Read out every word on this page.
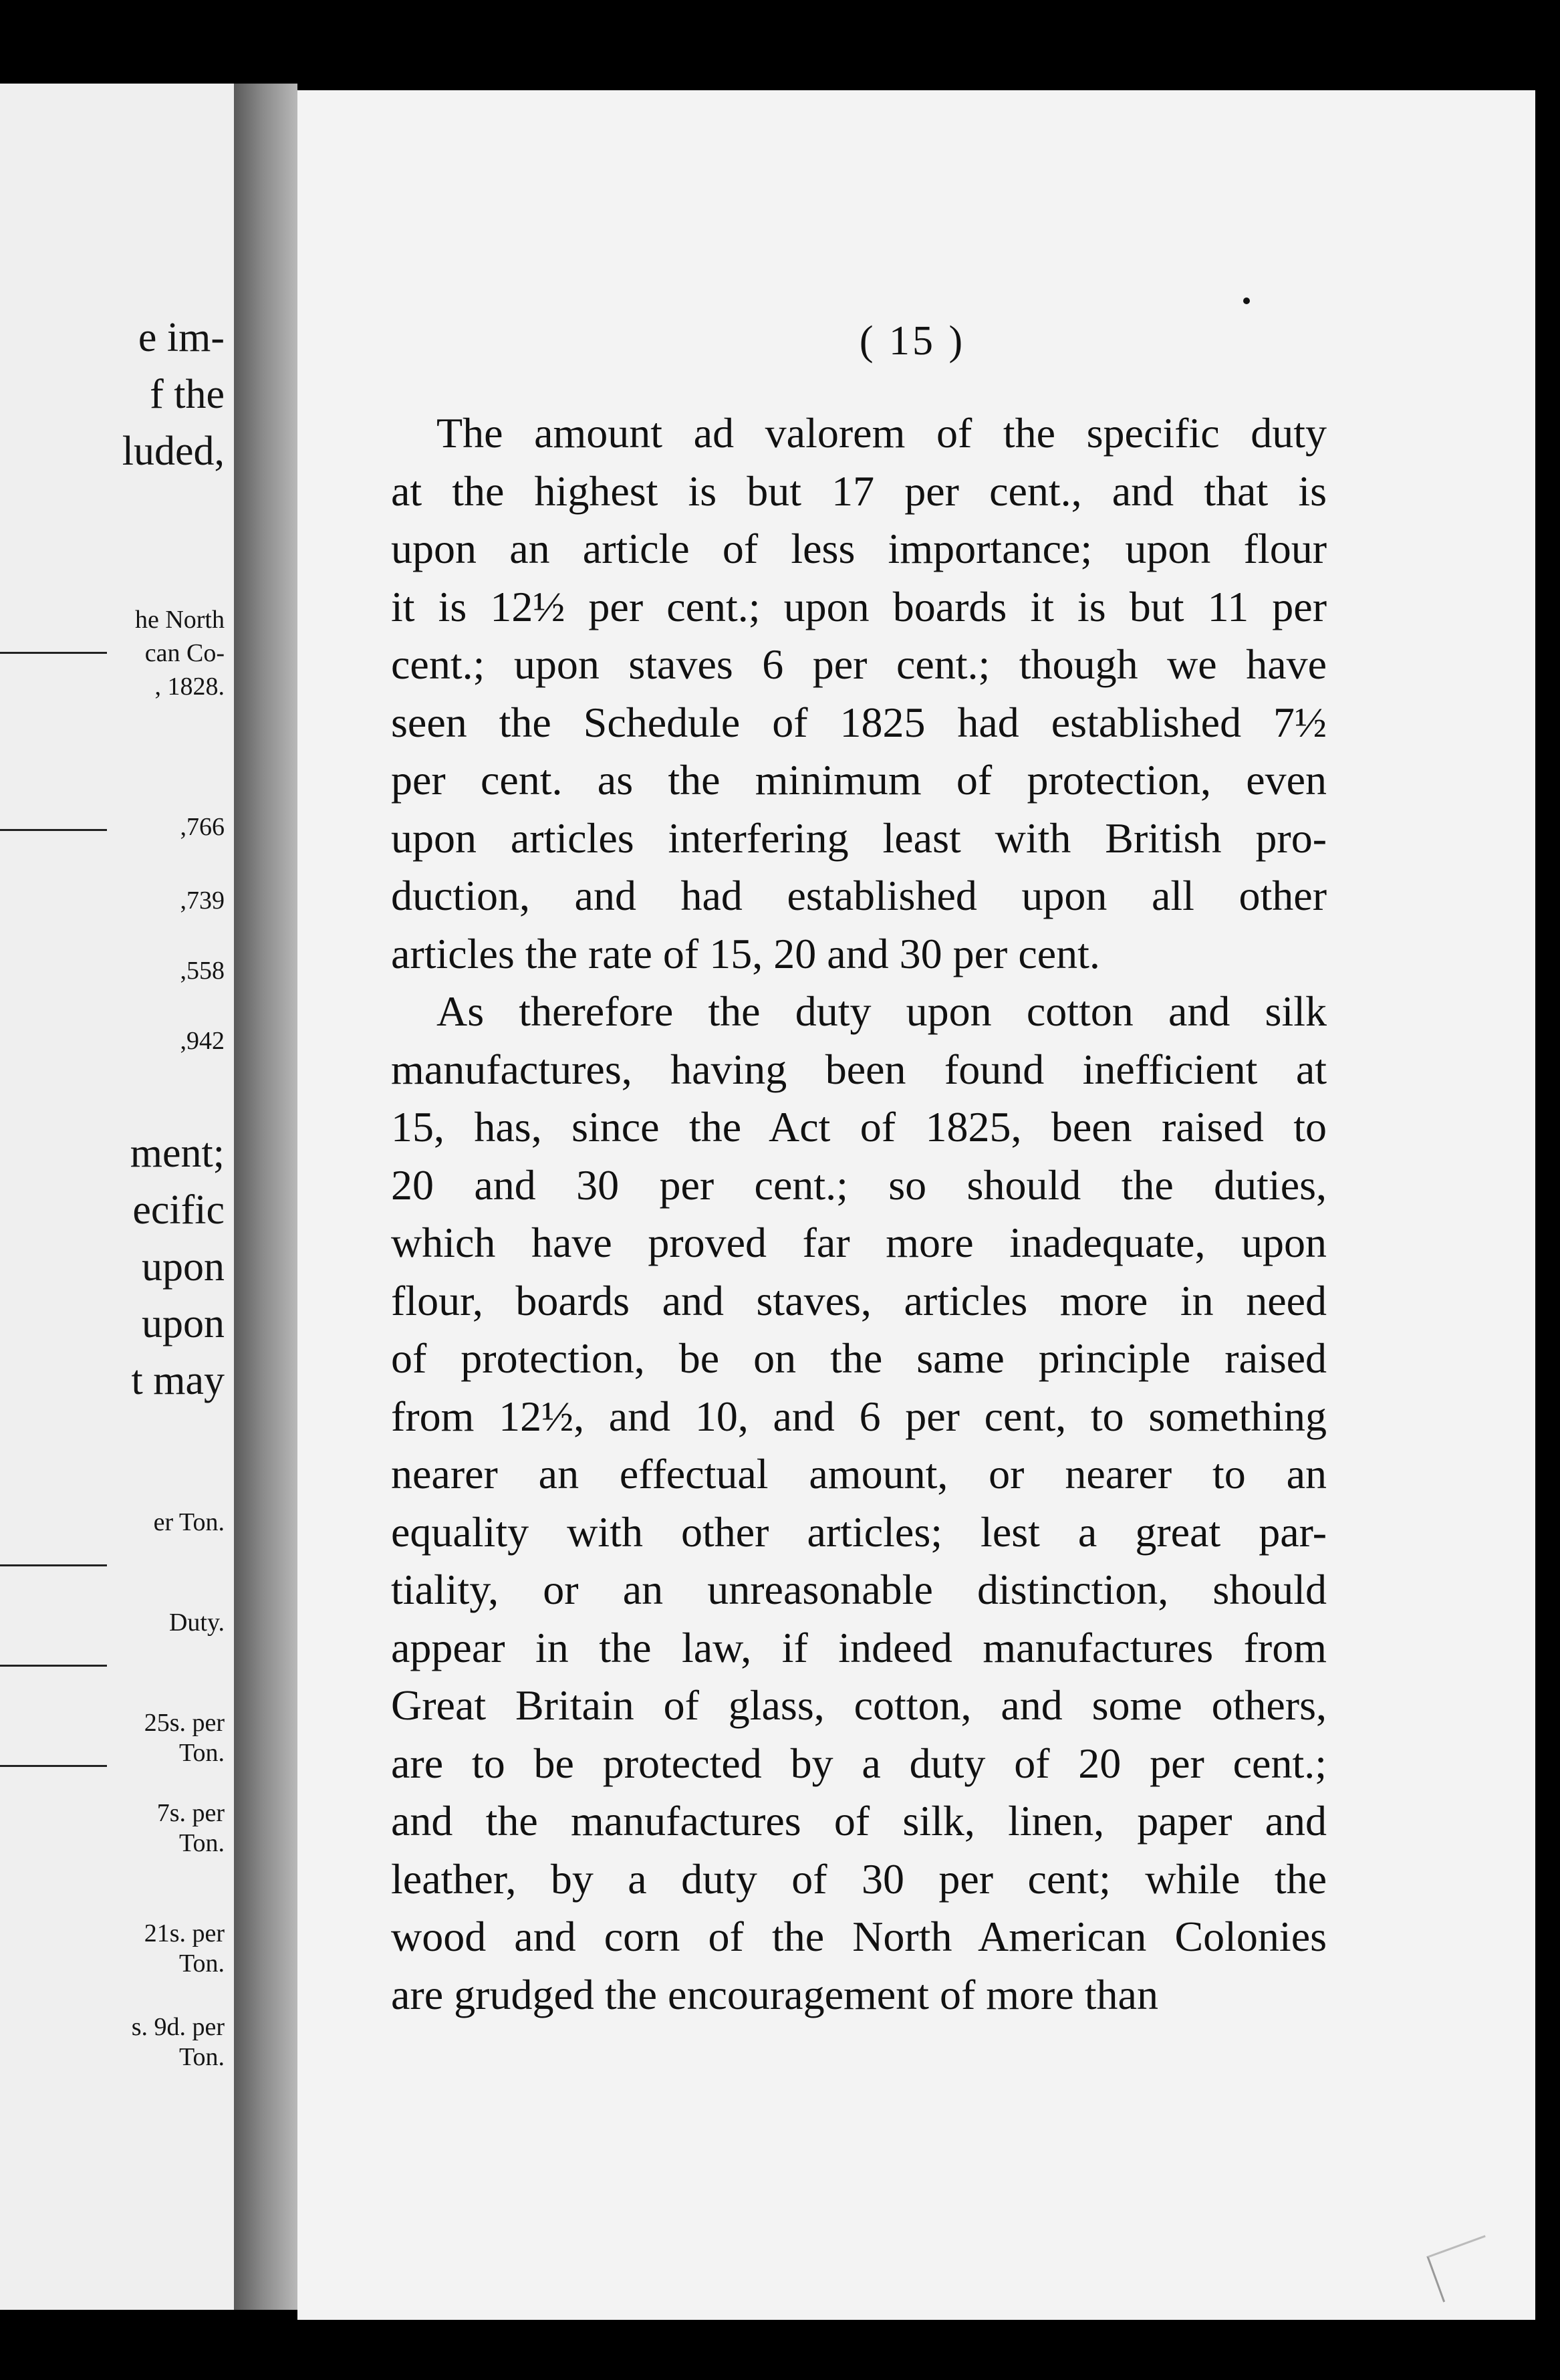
e im-
f the
luded,
he North
can Co-
, 1828.
,766
,739
,558
,942
ment;
ecific
upon
upon
t may
er Ton.
Duty.
25s. per
Ton.
7s. per
Ton.
21s. per
Ton.
s. 9d. per
Ton.
( 15 )
The amount ad valorem of the specific duty
at the highest is but 17 per cent., and that is
upon an article of less importance; upon flour
it is 12½ per cent.; upon boards it is but 11 per
cent.; upon staves 6 per cent.; though we have
seen the Schedule of 1825 had established 7½
per cent. as the minimum of protection, even
upon articles interfering least with British pro-
duction, and had established upon all other
articles the rate of 15, 20 and 30 per cent.
As therefore the duty upon cotton and silk
manufactures, having been found inefficient at
15, has, since the Act of 1825, been raised to
20 and 30 per cent.; so should the duties,
which have proved far more inadequate, upon
flour, boards and staves, articles more in need
of protection, be on the same principle raised
from 12½, and 10, and 6 per cent, to something
nearer an effectual amount, or nearer to an
equality with other articles; lest a great par-
tiality, or an unreasonable distinction, should
appear in the law, if indeed manufactures from
Great Britain of glass, cotton, and some others,
are to be protected by a duty of 20 per cent.;
and the manufactures of silk, linen, paper and
leather, by a duty of 30 per cent; while the
wood and corn of the North American Colonies
are grudged the encouragement of more than
